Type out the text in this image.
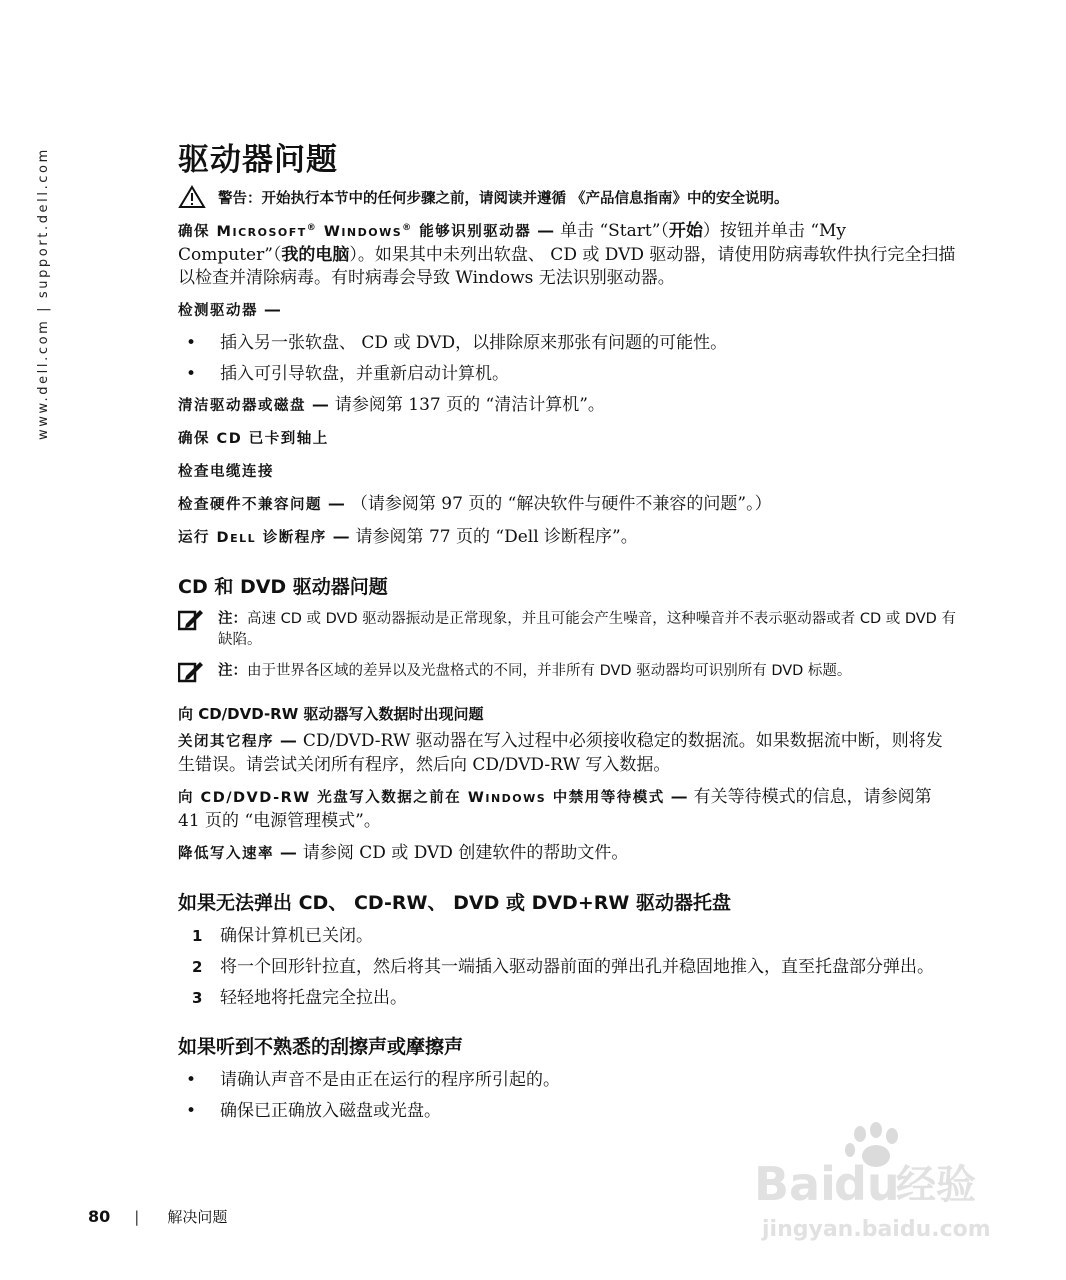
www.dell.com | support.dell.com	驱动器问题
警告：开始执行本节中的任何步骤之前，请阅读并遵循 《产品信息指南》中的安全说明。

确保 MICROSOFT® WINDOWS® 能够识别驱动器 — 单击 “Start”（开始）按钮并单击 “My Computer”（我的电脑）。如果其中未列出软盘、 CD 或 DVD 驱动器，请使用防病毒软件执行完全扫描以检查并清除病毒。有时病毒会导致 Windows 无法识别驱动器。

检测驱动器 —

• 插入另一张软盘、 CD 或 DVD，以排除原来那张有问题的可能性。
• 插入可引导软盘，并重新启动计算机。

清洁驱动器或磁盘 — 请参阅第 137 页的 “清洁计算机”。

确保 CD 已卡到轴上

检查电缆连接

检查硬件不兼容问题 — （请参阅第 97 页的 “解决软件与硬件不兼容的问题”。）

运行 DELL 诊断程序 — 请参阅第 77 页的 “Dell 诊断程序”。

CD 和 DVD 驱动器问题
注：高速 CD 或 DVD 驱动器振动是正常现象，并且可能会产生噪音，这种噪音并不表示驱动器或者 CD 或 DVD 有缺陷。
注：由于世界各区域的差异以及光盘格式的不同，并非所有 DVD 驱动器均可识别所有 DVD 标题。
向 CD/DVD-RW 驱动器写入数据时出现问题

关闭其它程序 — CD/DVD-RW 驱动器在写入过程中必须接收稳定的数据流。如果数据流中断，则将发生错误。请尝试关闭所有程序，然后向 CD/DVD-RW 写入数据。

向 CD/DVD-RW 光盘写入数据之前在 WINDOWS 中禁用等待模式 — 有关等待模式的信息，请参阅第 41 页的 “电源管理模式”。

降低写入速率 — 请参阅 CD 或 DVD 创建软件的帮助文件。

如果无法弹出 CD、 CD-RW、 DVD 或 DVD+RW 驱动器托盘
1 确保计算机已关闭。
2 将一个回形针拉直，然后将其一端插入驱动器前面的弹出孔并稳固地推入，直至托盘部分弹出。
3 轻轻地将托盘完全拉出。
如果听到不熟悉的刮擦声或摩擦声
• 请确认声音不是由正在运行的程序所引起的。
• 确保已正确放入磁盘或光盘。
80 | 解决问题
Bai
du
经验
jingyan.baidu.com
